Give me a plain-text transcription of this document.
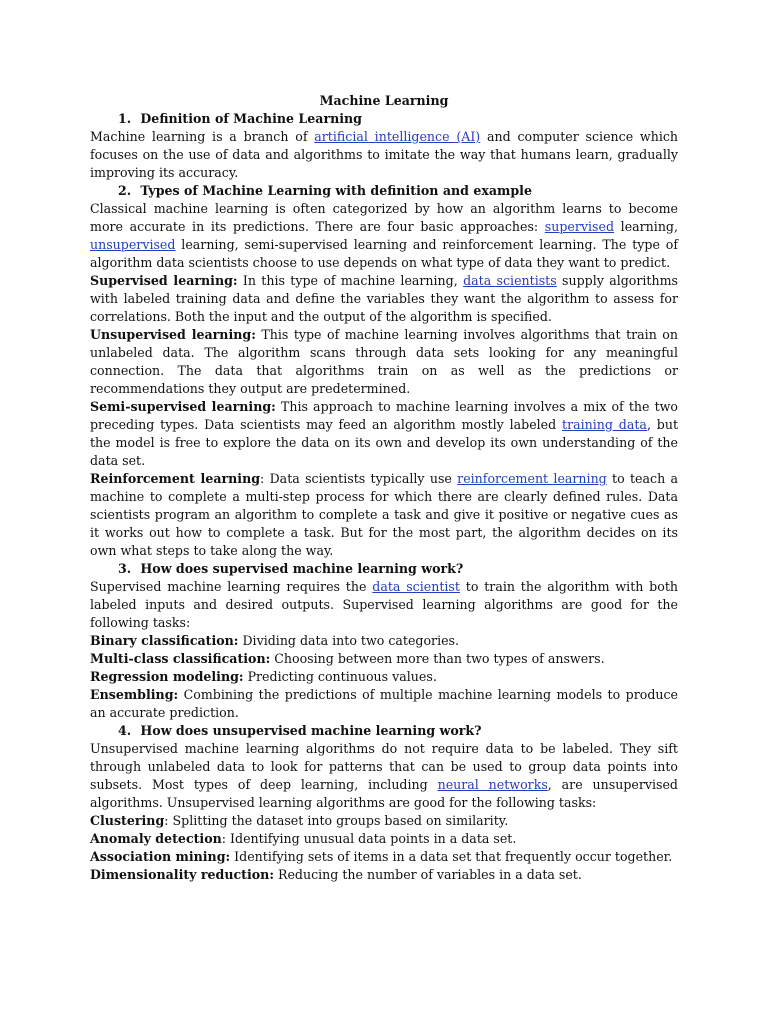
Machine Learning
1. Definition of Machine Learning

Machine learning is a branch of artificial intelligence (AI) and computer science which focuses on the use of data and algorithms to imitate the way that humans learn, gradually improving its accuracy.

2. Types of Machine Learning with definition and example

Classical machine learning is often categorized by how an algorithm learns to become more accurate in its predictions. There are four basic approaches: supervised learning, unsupervised learning, semi-supervised learning and reinforcement learning. The type of algorithm data scientists choose to use depends on what type of data they want to predict.

Supervised learning: In this type of machine learning, data scientists supply algorithms with labeled training data and define the variables they want the algorithm to assess for correlations. Both the input and the output of the algorithm is specified.

Unsupervised learning: This type of machine learning involves algorithms that train on unlabeled data. The algorithm scans through data sets looking for any meaningful connection. The data that algorithms train on as well as the predictions or recommendations they output are predetermined.

Semi-supervised learning: This approach to machine learning involves a mix of the two preceding types. Data scientists may feed an algorithm mostly labeled training data, but the model is free to explore the data on its own and develop its own understanding of the data set.

Reinforcement learning: Data scientists typically use reinforcement learning to teach a machine to complete a multi-step process for which there are clearly defined rules. Data scientists program an algorithm to complete a task and give it positive or negative cues as it works out how to complete a task. But for the most part, the algorithm decides on its own what steps to take along the way.

3. How does supervised machine learning work?

Supervised machine learning requires the data scientist to train the algorithm with both labeled inputs and desired outputs. Supervised learning algorithms are good for the following tasks:

Binary classification: Dividing data into two categories.

Multi-class classification: Choosing between more than two types of answers.

Regression modeling: Predicting continuous values.

Ensembling: Combining the predictions of multiple machine learning models to produce an accurate prediction.

4. How does unsupervised machine learning work?

Unsupervised machine learning algorithms do not require data to be labeled. They sift through unlabeled data to look for patterns that can be used to group data points into subsets. Most types of deep learning, including neural networks, are unsupervised algorithms. Unsupervised learning algorithms are good for the following tasks:

Clustering: Splitting the dataset into groups based on similarity.

Anomaly detection: Identifying unusual data points in a data set.

Association mining: Identifying sets of items in a data set that frequently occur together.

Dimensionality reduction: Reducing the number of variables in a data set.
